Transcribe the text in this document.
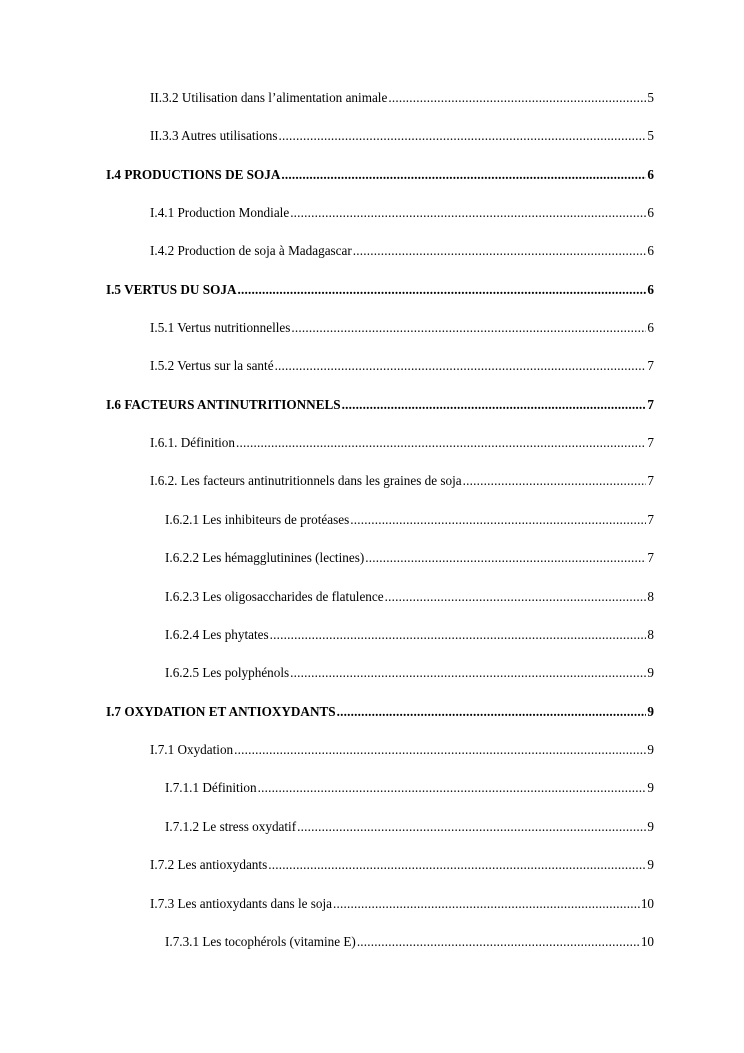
II.3.2 Utilisation dans l’alimentation animale .....	5
II.3.3 Autres utilisations .....	5
I.4 PRODUCTIONS DE SOJA .....	6
I.4.1 Production Mondiale .....	6
I.4.2 Production de soja à Madagascar .....	6
I.5 VERTUS DU SOJA .....	6
I.5.1 Vertus nutritionnelles .....	6
I.5.2 Vertus sur la santé .....	7
I.6 FACTEURS ANTINUTRITIONNELS .....	7
I.6.1. Définition .....	7
I.6.2. Les facteurs antinutritionnels dans les graines de soja .....	7
I.6.2.1 Les inhibiteurs de protéases .....	7
I.6.2.2 Les hémagglutinines (lectines) .....	7
I.6.2.3 Les oligosaccharides de flatulence .....	8
I.6.2.4 Les phytates .....	8
I.6.2.5 Les polyphénols .....	9
I.7 OXYDATION ET ANTIOXYDANTS .....	9
I.7.1 Oxydation .....	9
I.7.1.1 Définition .....	9
I.7.1.2 Le stress oxydatif .....	9
I.7.2 Les antioxydants .....	9
I.7.3 Les antioxydants dans le soja .....	10
I.7.3.1 Les tocophérols (vitamine E) .....	10
